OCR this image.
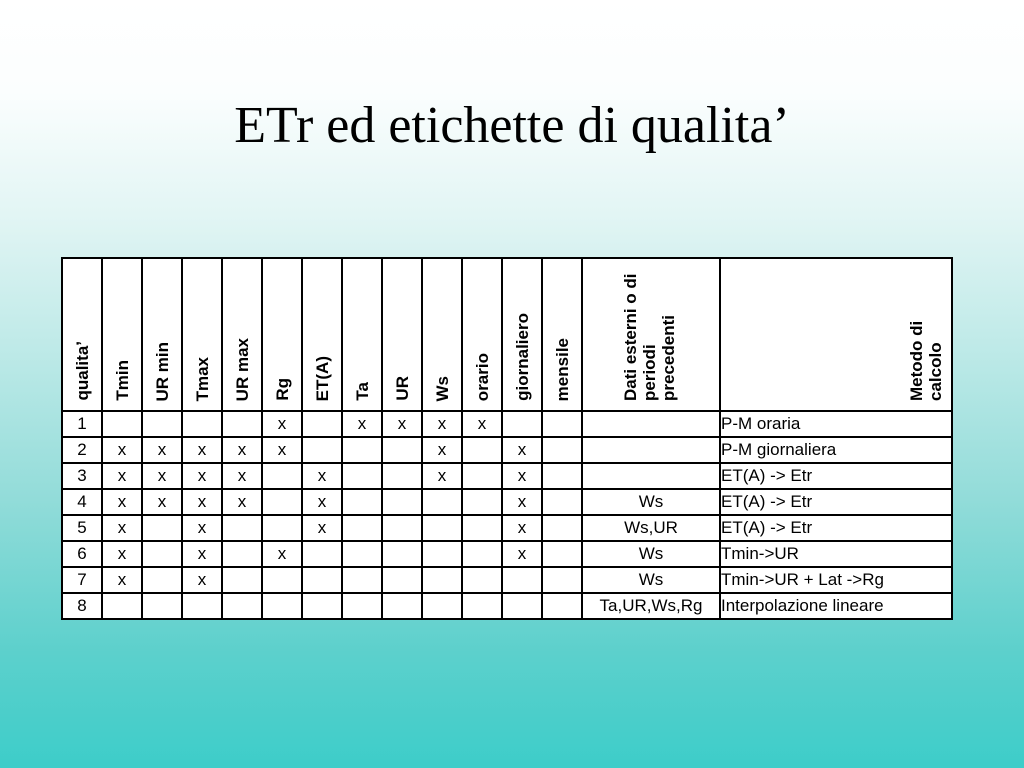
ETr ed etichette di qualita’
qualita’	Tmin	UR min	Tmax	UR max	Rg	ET(A)	Ta	UR	Ws	orario	giornaliero	mensile	Dati esterni o di periodi precedenti	Metodo di calcolo
1					x		x	x	x	x				P-M oraria
2	x	x	x	x	x				x		x			P-M giornaliera
3	x	x	x	x		x			x		x			ET(A) -> Etr
4	x	x	x	x		x					x		Ws	ET(A) -> Etr
5	x		x			x					x		Ws,UR	ET(A) -> Etr
6	x		x		x						x		Ws	Tmin->UR
7	x		x										Ws	Tmin->UR + Lat ->Rg
8													Ta,UR,Ws,Rg	Interpolazione lineare
